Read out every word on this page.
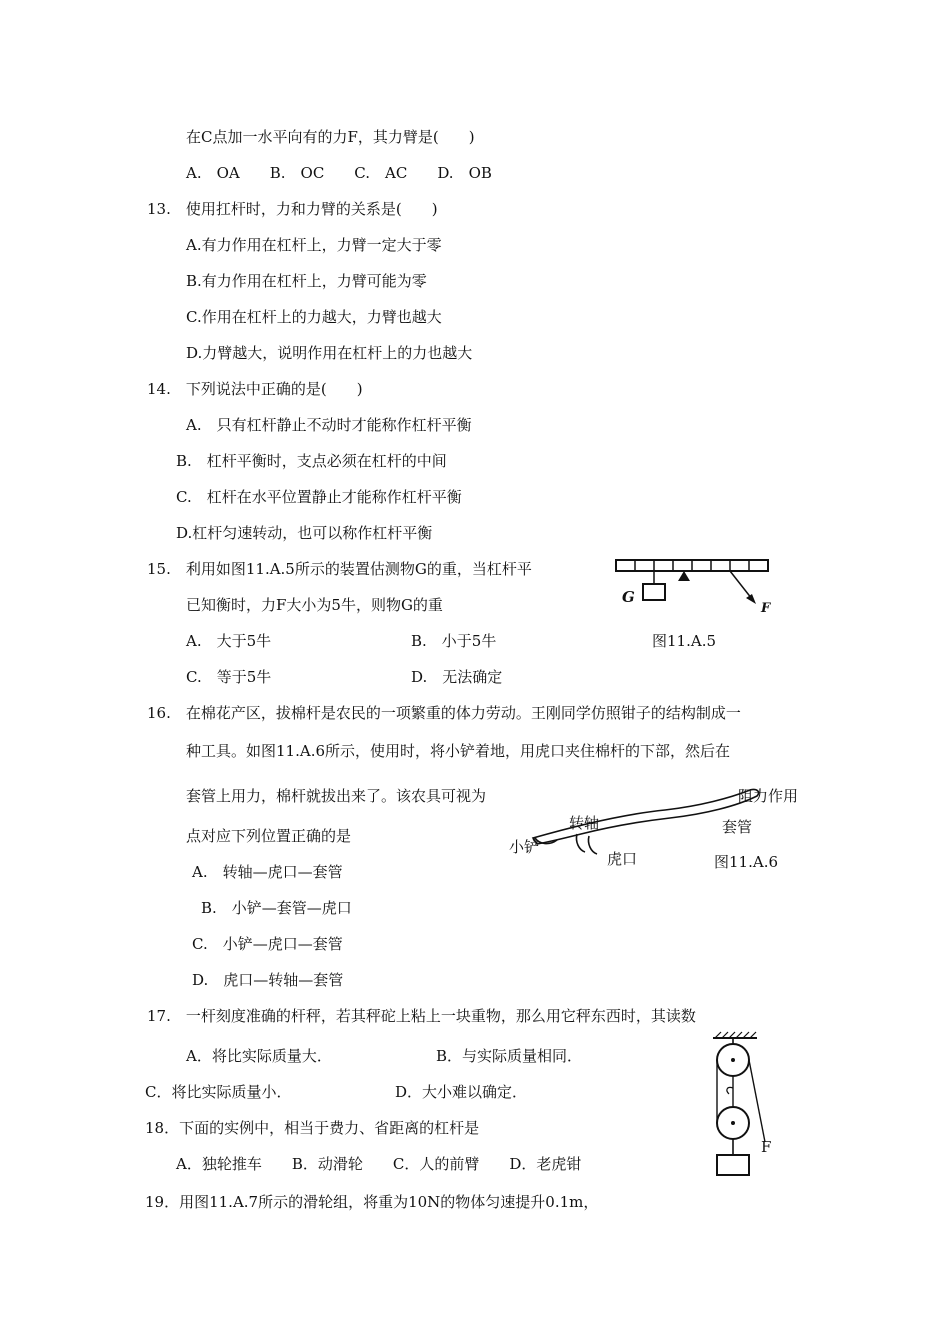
在C点加一水平向有的力F，其力臂是(　　)
A.　OA　　B.　OC　　C.　AC　　D.　OB
13.　使用扛杆时，力和力臂的关系是(　　)
A.有力作用在杠杆上，力臂一定大于零
B.有力作用在杠杆上，力臂可能为零
C.作用在杠杆上的力越大，力臂也越大
D.力臂越大，说明作用在杠杆上的力也越大
14.　下列说法中正确的是(　　)
A.　只有杠杆静止不动时才能称作杠杆平衡
B.　杠杆平衡时，支点必须在杠杆的中间
C.　杠杆在水平位置静止才能称作杠杆平衡
D.杠杆匀速转动，也可以称作杠杆平衡
15.　利用如图11.A.5所示的装置估测物G的重，当杠杆平
已知衡时，力F大小为5牛，则物G的重
A.　大于5牛	B.　小于5牛
C.　等于5牛	D.　无法确定
16.　在棉花产区，拔棉杆是农民的一项繁重的体力劳动。王刚同学仿照钳子的结构制成一
种工具。如图11.A.6所示，使用时，将小铲着地，用虎口夹住棉杆的下部，然后在
套管上用力，棉杆就拔出来了。该农具可视为	阻力作用
点对应下列位置正确的是
A.　转轴—虎口—套管
B.　小铲—套管—虎口
C.　小铲—虎口—套管
D.　虎口—转轴—套管
17.　一杆刻度准确的杆秤，若其秤砣上粘上一块重物，那么用它秤东西时，其读数
A．将比实际质量大．	B．与实际质量相同．
C．将比实际质量小．	D．大小难以确定．
18．下面的实例中，相当于费力、省距离的杠杆是
A．独轮推车　　B．动滑轮　　C．人的前臂　　D．老虎钳
19．用图11.A.7所示的滑轮组，将重为10N的物体匀速提升0.1m，
G
F
图11.A.5
转轴	套管
小铲
虎口	图11.A.6
F
